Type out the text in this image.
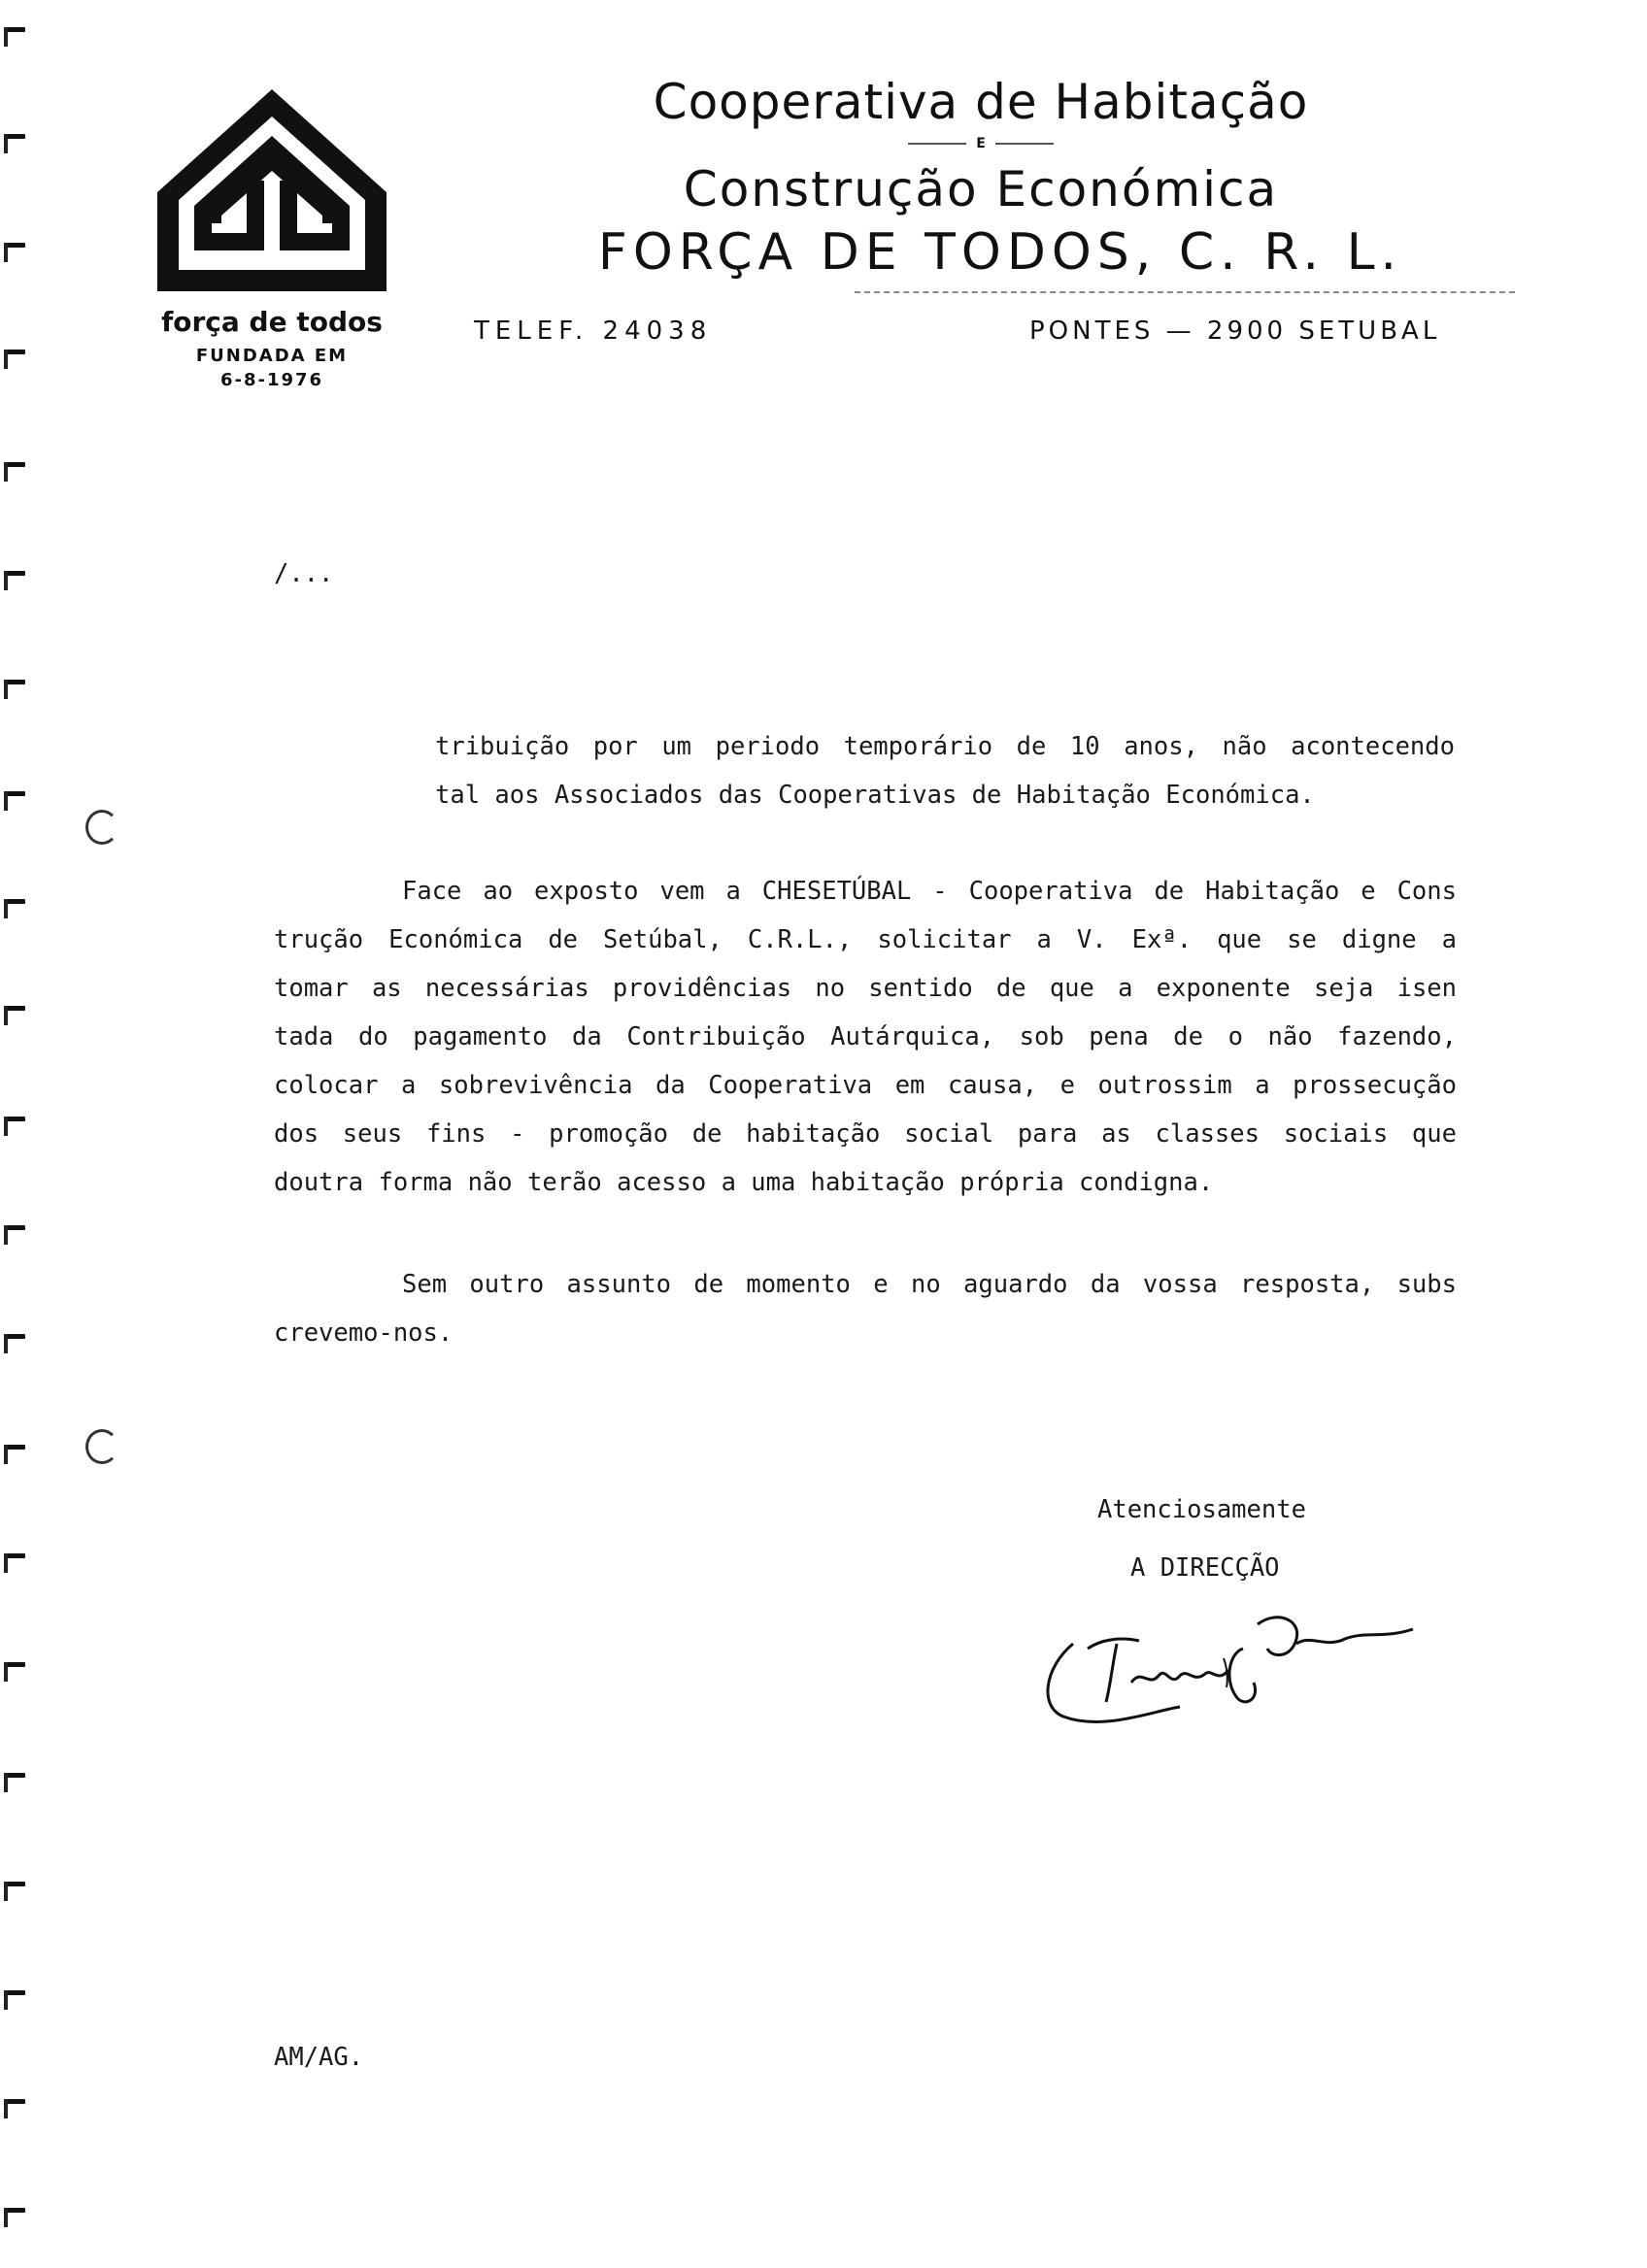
força de todos
FUNDADA EM
6-8-1976
Cooperativa de Habitação
E
Construção Económica
FORÇA DE TODOS, C. R. L.
TELEF. 24038	PONTES — 2900 SETUBAL
/...
tribuição por um periodo temporário de 10 anos, não acontecendo
tal aos Associados das Cooperativas de Habitação Económica.
Face ao exposto vem a CHESETÚBAL - Cooperativa de Habitação e Cons
trução Económica de Setúbal, C.R.L., solicitar a V. Exª. que se digne a
tomar as necessárias providências no sentido de que a exponente seja isen
tada do pagamento da Contribuição Autárquica, sob pena de o não fazendo,
colocar a sobrevivência da Cooperativa em causa, e outrossim a prossecução
dos seus fins - promoção de habitação social para as classes sociais que
doutra forma não terão acesso a uma habitação própria condigna.
Sem outro assunto de momento e no aguardo da vossa resposta, subs
crevemo-nos.
Atenciosamente
A DIRECÇÃO
AM/AG.
